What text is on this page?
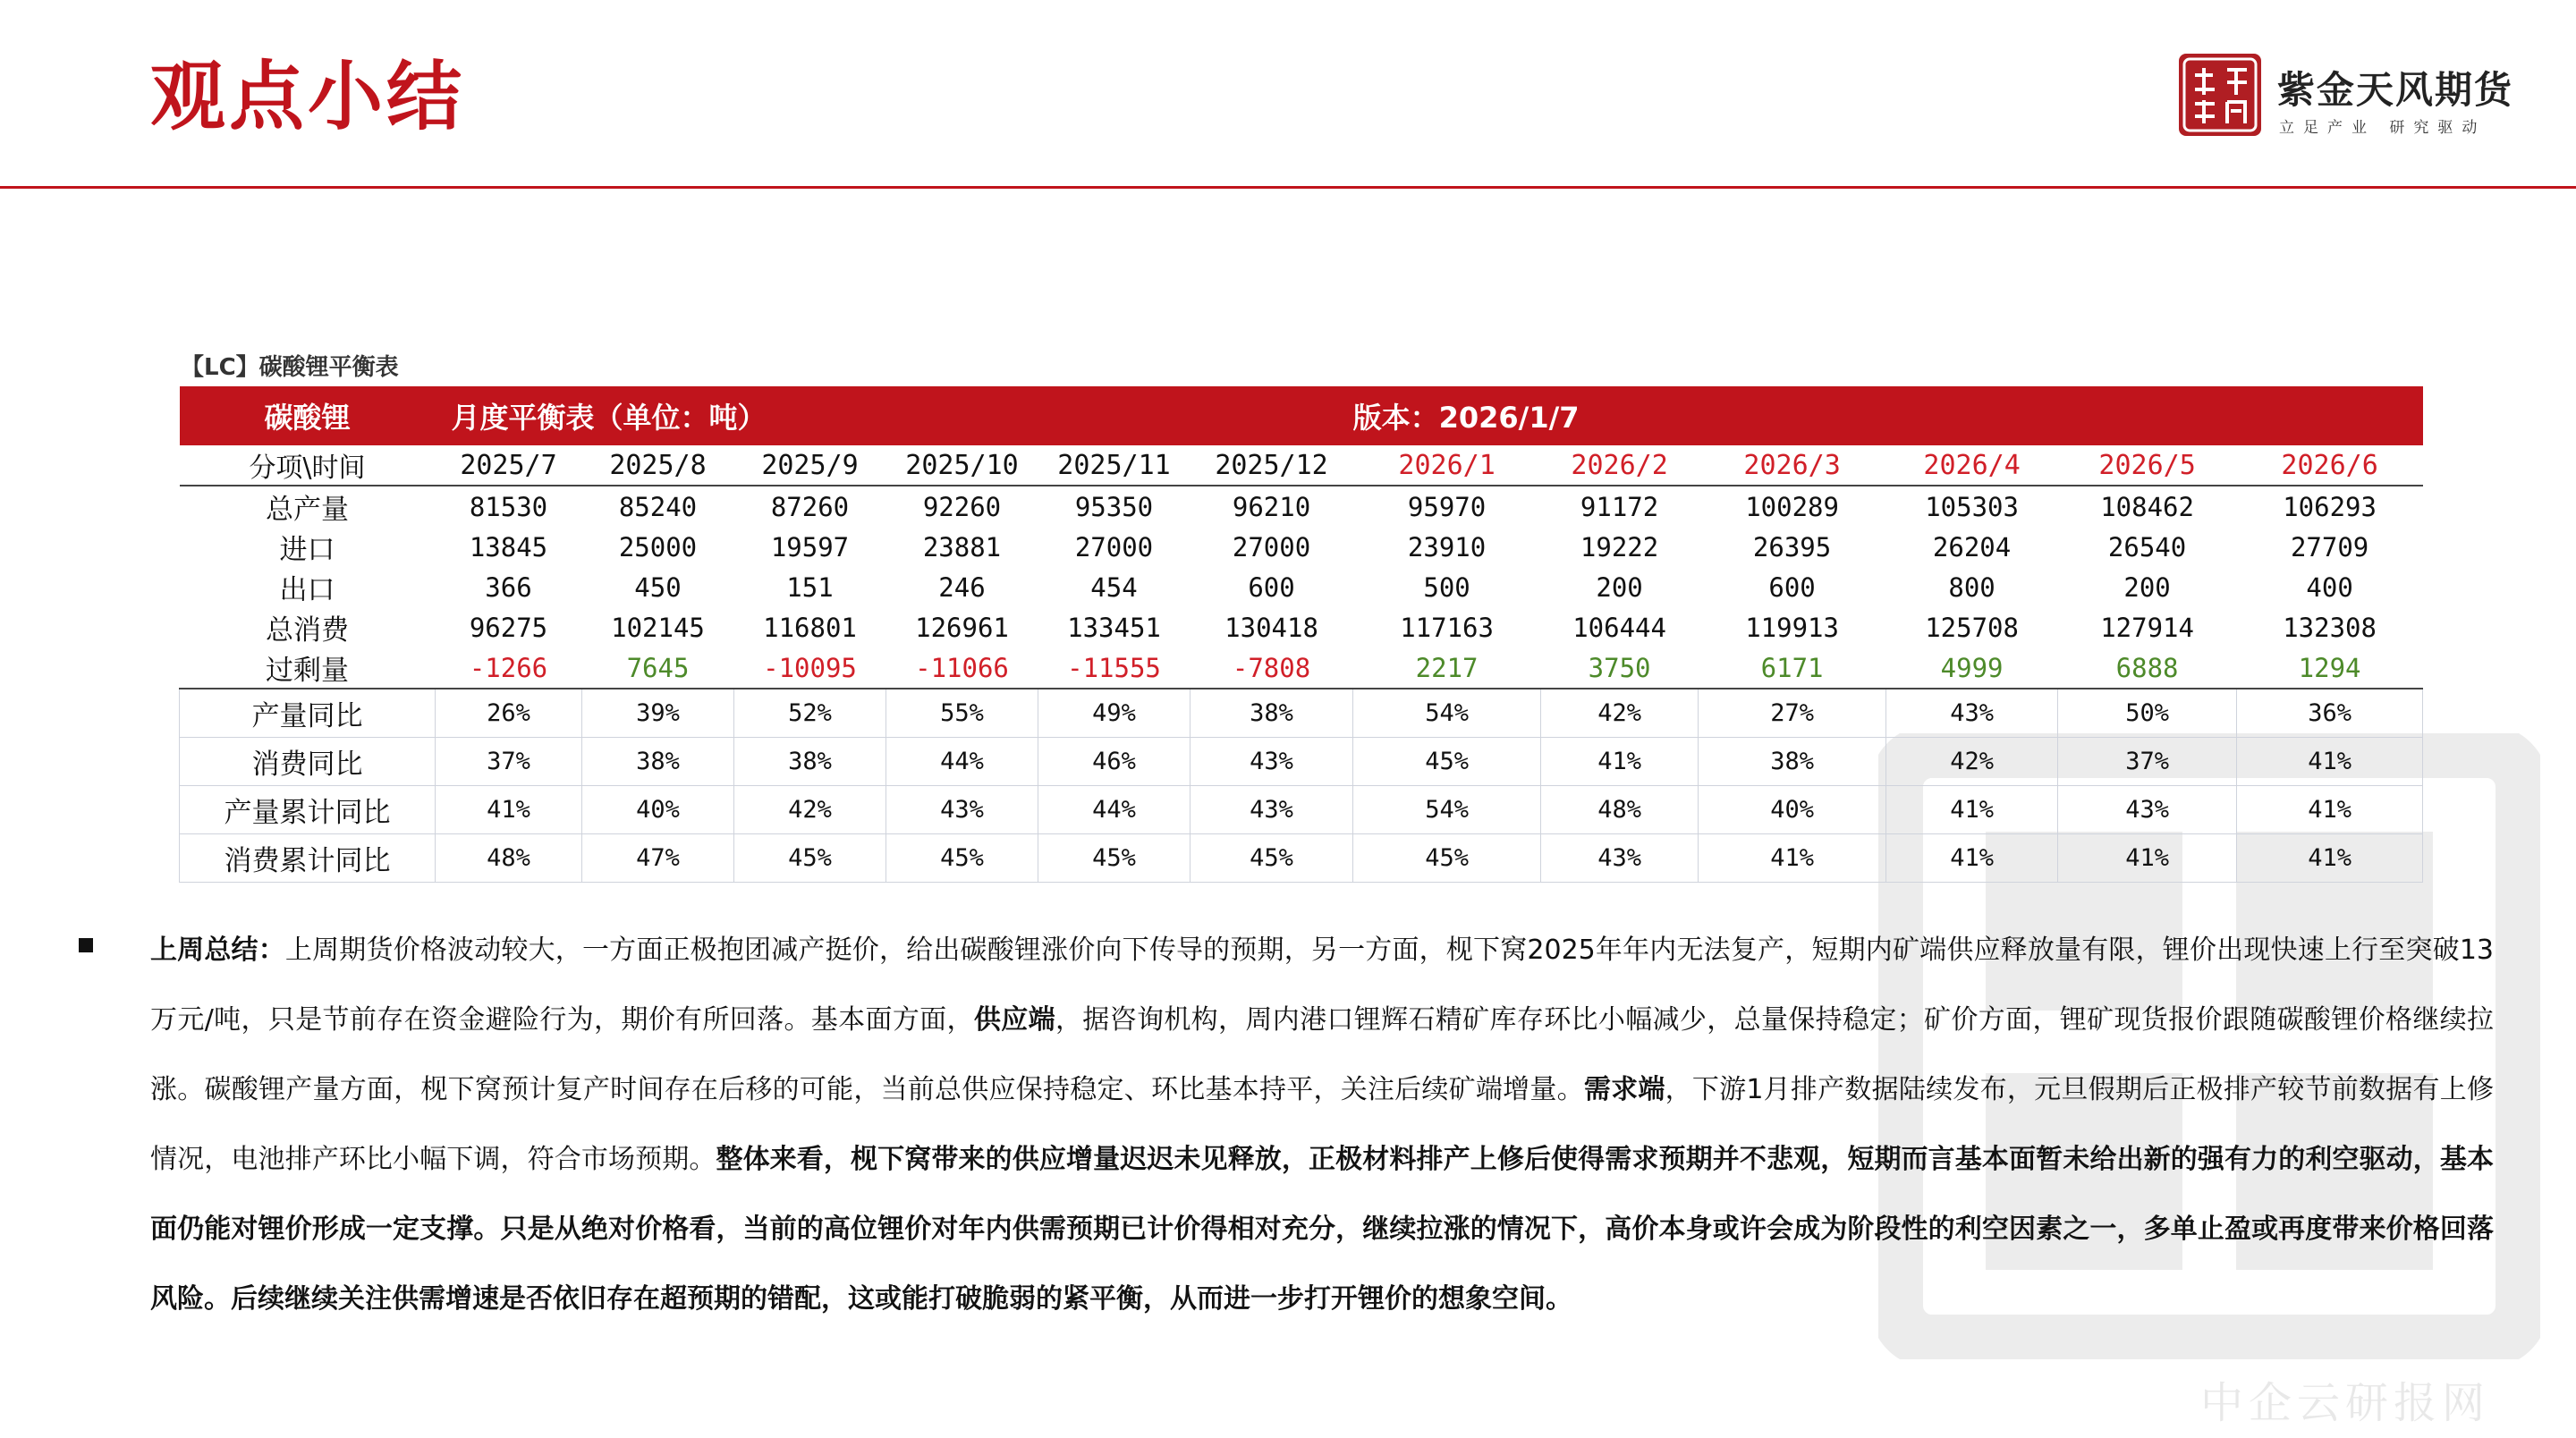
中企云研报网
观点小结	紫金天风期货
立足产业 研究驱动
【LC】碳酸锂平衡表
碳酸锂	月度平衡表（单位：吨）						版本：2026/1/7					
分项\时间	2025/7	2025/8	2025/9	2025/10	2025/11	2025/12	2026/1	2026/2	2026/3	2026/4	2026/5	2026/6
总产量	81530	85240	87260	92260	95350	96210	95970	91172	100289	105303	108462	106293
进口	13845	25000	19597	23881	27000	27000	23910	19222	26395	26204	26540	27709
出口	366	450	151	246	454	600	500	200	600	800	200	400
总消费	96275	102145	116801	126961	133451	130418	117163	106444	119913	125708	127914	132308
过剩量	-1266	7645	-10095	-11066	-11555	-7808	2217	3750	6171	4999	6888	1294
产量同比	26%	39%	52%	55%	49%	38%	54%	42%	27%	43%	50%	36%
消费同比	37%	38%	38%	44%	46%	43%	45%	41%	38%	42%	37%	41%
产量累计同比	41%	40%	42%	43%	44%	43%	54%	48%	40%	41%	43%	41%
消费累计同比	48%	47%	45%	45%	45%	45%	45%	43%	41%	41%	41%	41%

上周总结：上周期货价格波动较大，一方面正极抱团减产挺价，给出碳酸锂涨价向下传导的预期，另一方面，枧下窝2025年年内无法复产，短期内矿端供应释放量有限，锂价出现快速上行至突破13万元/吨，只是节前存在资金避险行为，期价有所回落。基本面方面，供应端，据咨询机构，周内港口锂辉石精矿库存环比小幅减少，总量保持稳定；矿价方面，锂矿现货报价跟随碳酸锂价格继续拉涨。碳酸锂产量方面，枧下窝预计复产时间存在后移的可能，当前总供应保持稳定、环比基本持平，关注后续矿端增量。需求端，下游1月排产数据陆续发布，元旦假期后正极排产较节前数据有上修情况，电池排产环比小幅下调，符合市场预期。整体来看，枧下窝带来的供应增量迟迟未见释放，正极材料排产上修后使得需求预期并不悲观，短期而言基本面暂未给出新的强有力的利空驱动，基本面仍能对锂价形成一定支撑。只是从绝对价格看，当前的高位锂价对年内供需预期已计价得相对充分，继续拉涨的情况下，高价本身或许会成为阶段性的利空因素之一，多单止盈或再度带来价格回落风险。后续继续关注供需增速是否依旧存在超预期的错配，这或能打破脆弱的紧平衡，从而进一步打开锂价的想象空间。
